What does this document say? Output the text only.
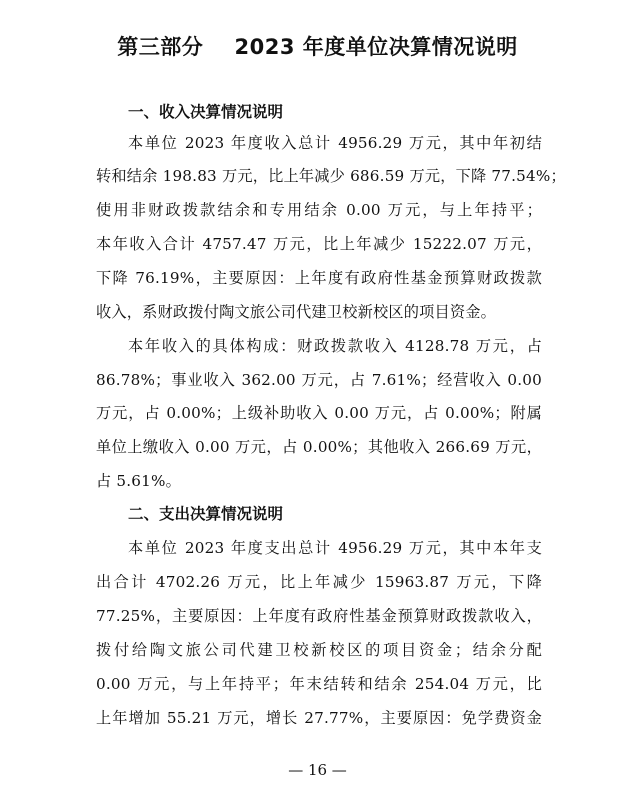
第三部分    2023 年度单位决算情况说明
一、收入决算情况说明
本单位 2023 年度收入总计 4956.29 万元，其中年初结
转和结余 198.83 万元，比上年减少 686.59 万元，下降 77.54%；
使用非财政拨款结余和专用结余 0.00 万元，与上年持平；
本年收入合计 4757.47 万元，比上年减少 15222.07 万元，
下降 76.19%，主要原因：上年度有政府性基金预算财政拨款
收入，系财政拨付陶文旅公司代建卫校新校区的项目资金。
本年收入的具体构成：财政拨款收入 4128.78 万元，占
86.78%；事业收入 362.00 万元，占 7.61%；经营收入 0.00
万元，占 0.00%；上级补助收入 0.00 万元，占 0.00%；附属
单位上缴收入 0.00 万元，占 0.00%；其他收入 266.69 万元，
占 5.61%。
二、支出决算情况说明
本单位 2023 年度支出总计 4956.29 万元，其中本年支
出合计 4702.26 万元，比上年减少 15963.87 万元，下降
77.25%，主要原因：上年度有政府性基金预算财政拨款收入，
拨付给陶文旅公司代建卫校新校区的项目资金；结余分配
0.00 万元，与上年持平；年末结转和结余 254.04 万元，比
上年增加 55.21 万元，增长 27.77%，主要原因：免学费资金
— 16 —
